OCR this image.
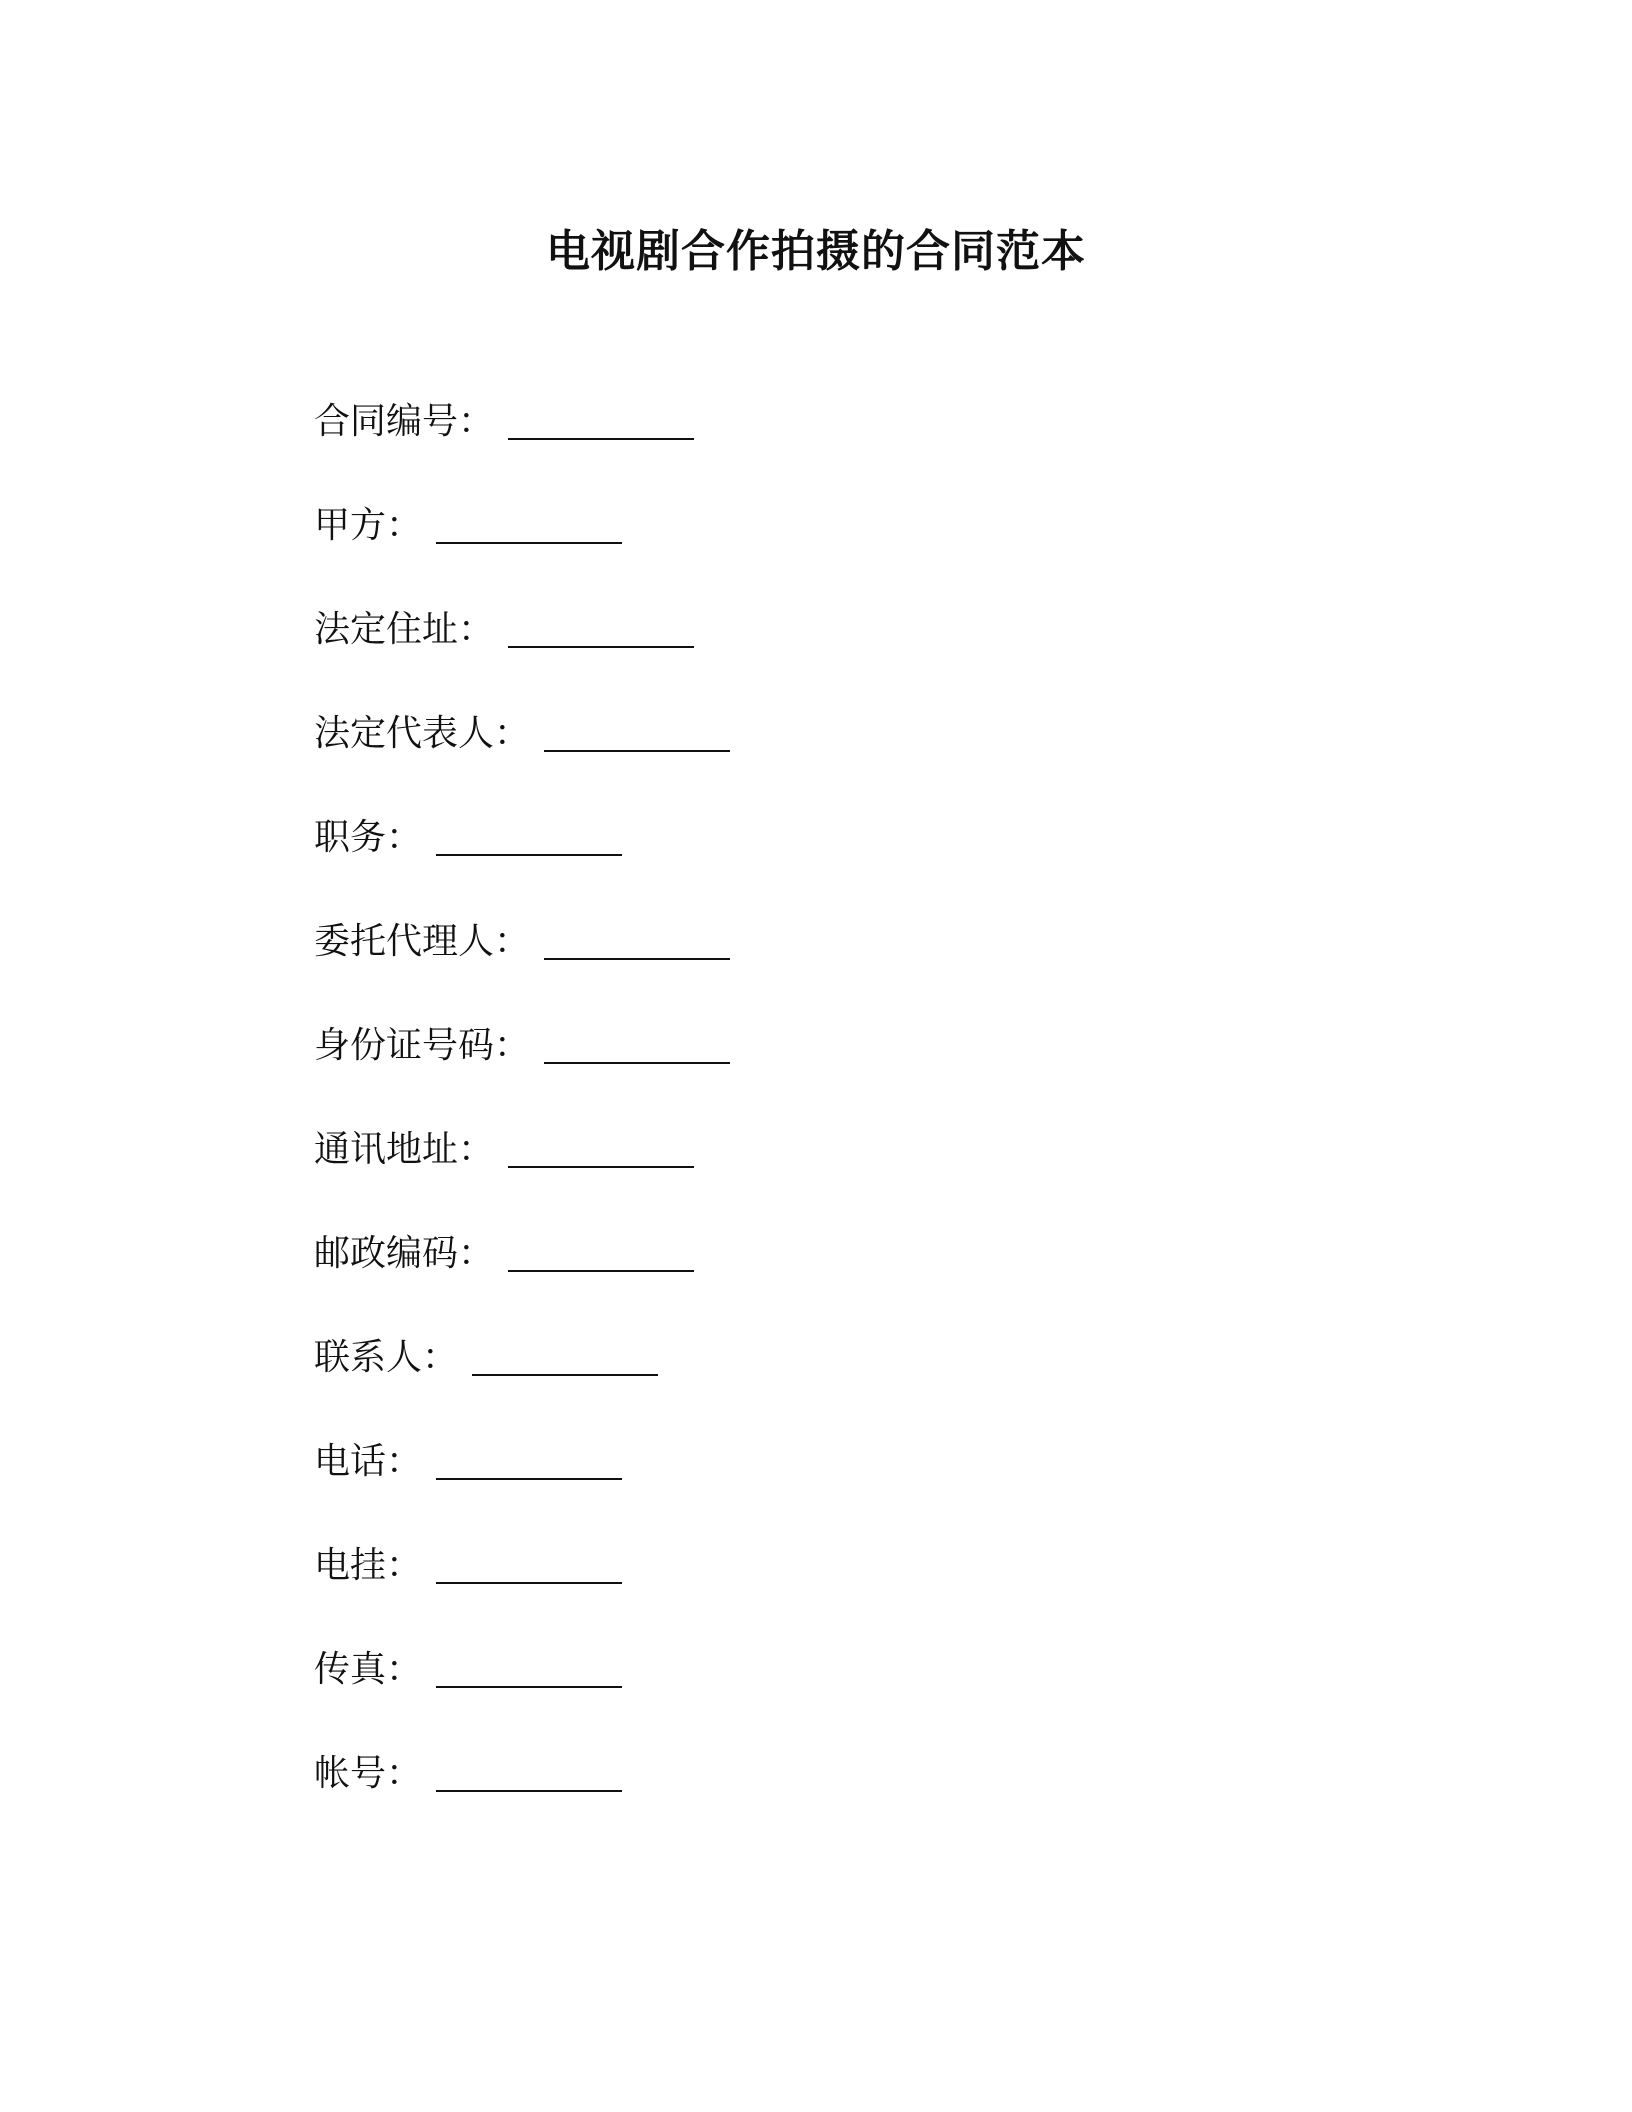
电视剧合作拍摄的合同范本
合同编号：
甲方：
法定住址：
法定代表人：
职务：
委托代理人：
身份证号码：
通讯地址：
邮政编码：
联系人：
电话：
电挂：
传真：
帐号：
